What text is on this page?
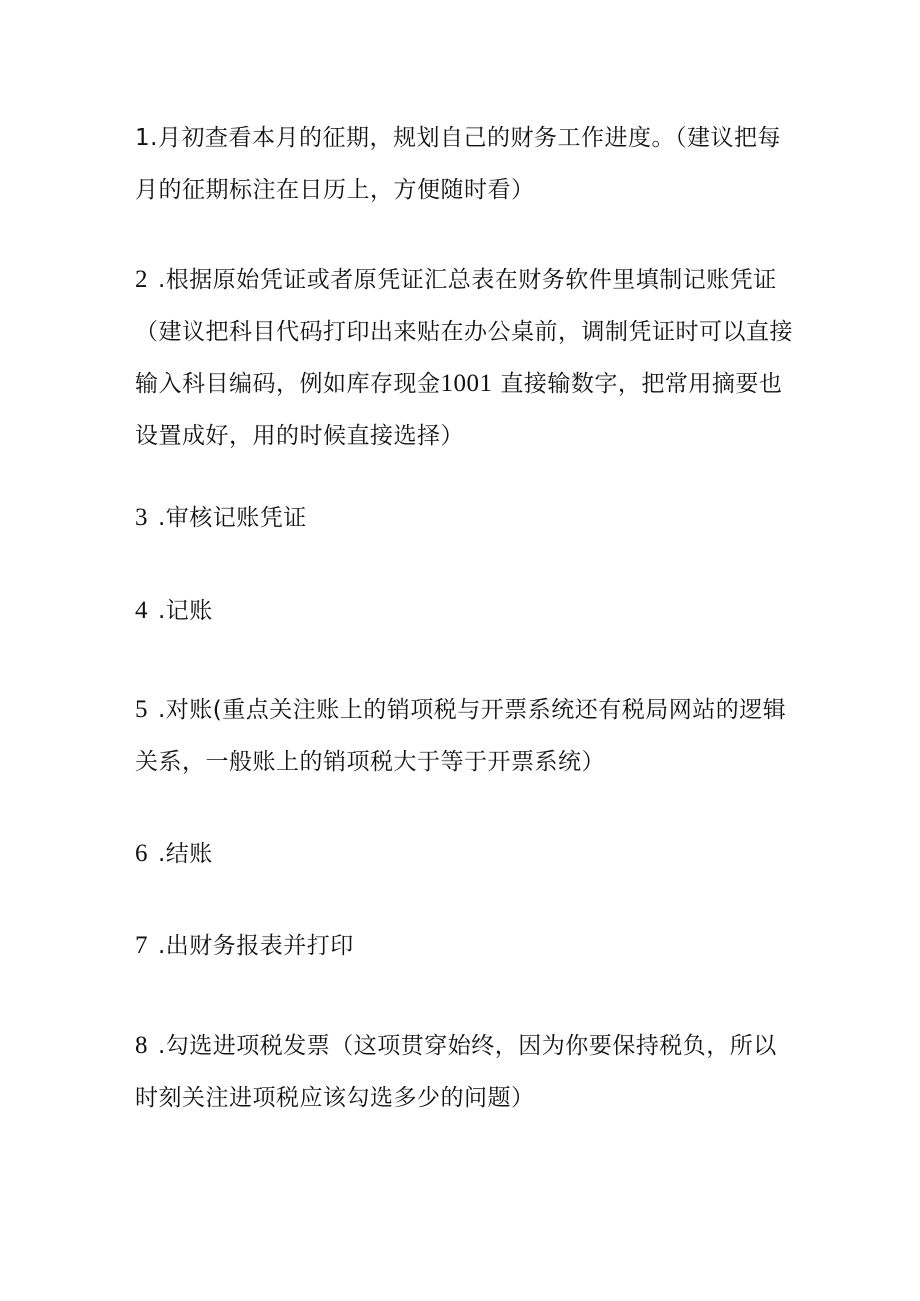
1.月初查看本月的征期，规划自己的财务工作进度。（建议把每月的征期标注在日历上，方便随时看）

2 .根据原始凭证或者原凭证汇总表在财务软件里填制记账凭证（建议把科目代码打印出来贴在办公桌前，调制凭证时可以直接输入科目编码，例如库存现金1001 直接输数字，把常用摘要也设置成好，用的时候直接选择）

3 .审核记账凭证

4 .记账

5 .对账(重点关注账上的销项税与开票系统还有税局网站的逻辑关系，一般账上的销项税大于等于开票系统）

6 .结账

7 .出财务报表并打印

8 .勾选进项税发票（这项贯穿始终，因为你要保持税负，所以时刻关注进项税应该勾选多少的问题）
